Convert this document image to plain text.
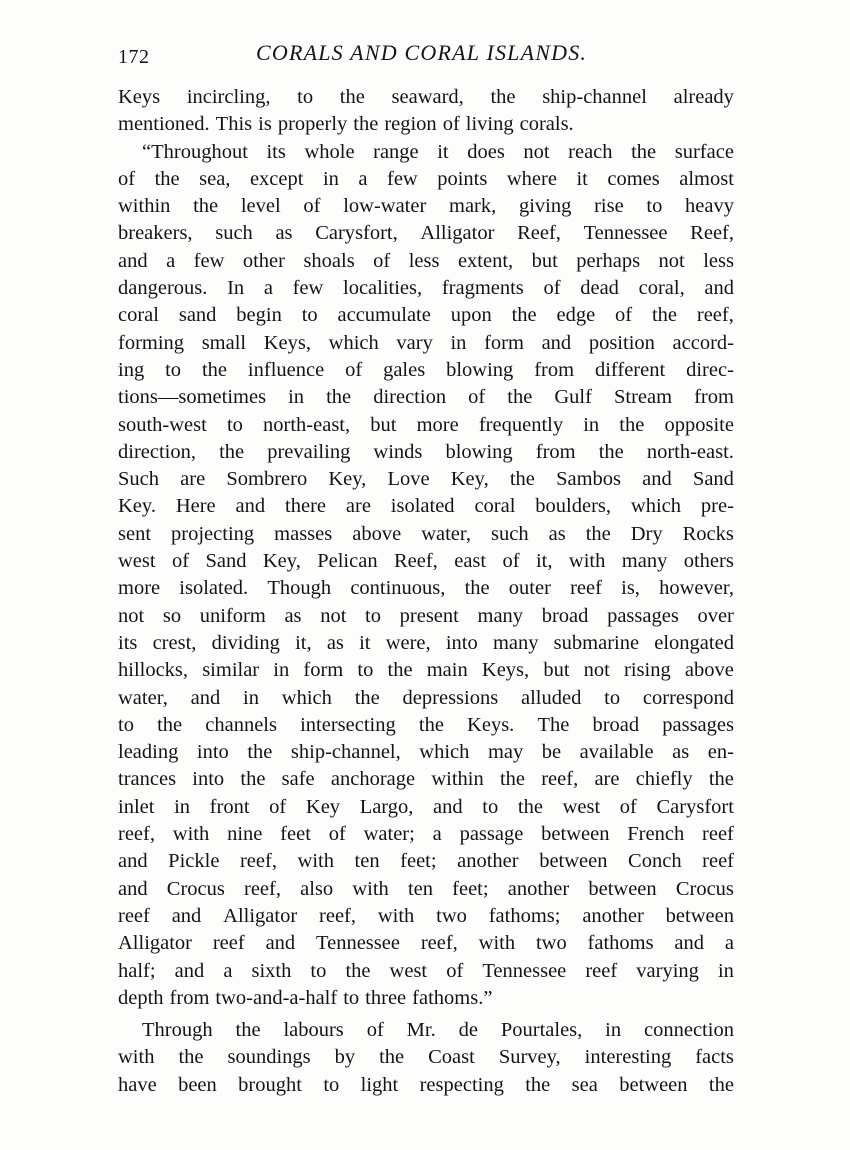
172	CORALS AND CORAL ISLANDS.
Keys incircling, to the seaward, the ship-channel already
mentioned. This is properly the region of living corals.
“Throughout its whole range it does not reach the surface
of the sea, except in a few points where it comes almost
within the level of low-water mark, giving rise to heavy
breakers, such as Carysfort, Alligator Reef, Tennessee Reef,
and a few other shoals of less extent, but perhaps not less
dangerous. In a few localities, fragments of dead coral, and
coral sand begin to accumulate upon the edge of the reef,
forming small Keys, which vary in form and position accord-
ing to the influence of gales blowing from different direc-
tions—sometimes in the direction of the Gulf Stream from
south-west to north-east, but more frequently in the opposite
direction, the prevailing winds blowing from the north-east.
Such are Sombrero Key, Love Key, the Sambos and Sand
Key. Here and there are isolated coral boulders, which pre-
sent projecting masses above water, such as the Dry Rocks
west of Sand Key, Pelican Reef, east of it, with many others
more isolated. Though continuous, the outer reef is, however,
not so uniform as not to present many broad passages over
its crest, dividing it, as it were, into many submarine elongated
hillocks, similar in form to the main Keys, but not rising above
water, and in which the depressions alluded to correspond
to the channels intersecting the Keys. The broad passages
leading into the ship-channel, which may be available as en-
trances into the safe anchorage within the reef, are chiefly the
inlet in front of Key Largo, and to the west of Carysfort
reef, with nine feet of water; a passage between French reef
and Pickle reef, with ten feet; another between Conch reef
and Crocus reef, also with ten feet; another between Crocus
reef and Alligator reef, with two fathoms; another between
Alligator reef and Tennessee reef, with two fathoms and a
half; and a sixth to the west of Tennessee reef varying in
depth from two-and-a-half to three fathoms.”
Through the labours of Mr. de Pourtales, in connection
with the soundings by the Coast Survey, interesting facts
have been brought to light respecting the sea between the
